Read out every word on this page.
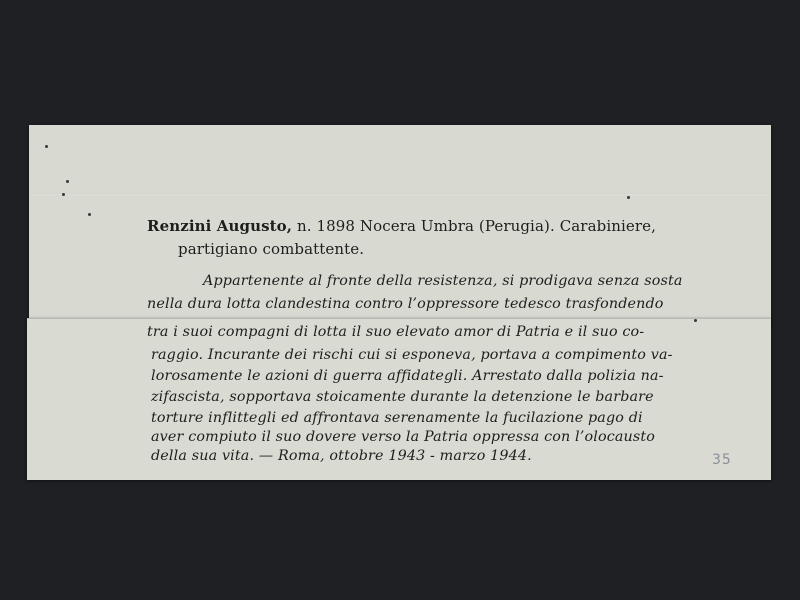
Renzini Augusto, n. 1898 Nocera Umbra (Perugia). Carabiniere,
partigiano combattente.
Appartenente al fronte della resistenza, si prodigava senza sosta
nella dura lotta clandestina contro l’oppressore tedesco trasfondendo
tra i suoi compagni di lotta il suo elevato amor di Patria e il suo co-
raggio. Incurante dei rischi cui si esponeva, portava a compimento va-
lorosamente le azioni di guerra affidategli. Arrestato dalla polizia na-
zifascista, sopportava stoicamente durante la detenzione le barbare
torture inflittegli ed affrontava serenamente la fucilazione pago di
aver compiuto il suo dovere verso la Patria oppressa con l’olocausto
della sua vita. — Roma, ottobre 1943 - marzo 1944.	35
